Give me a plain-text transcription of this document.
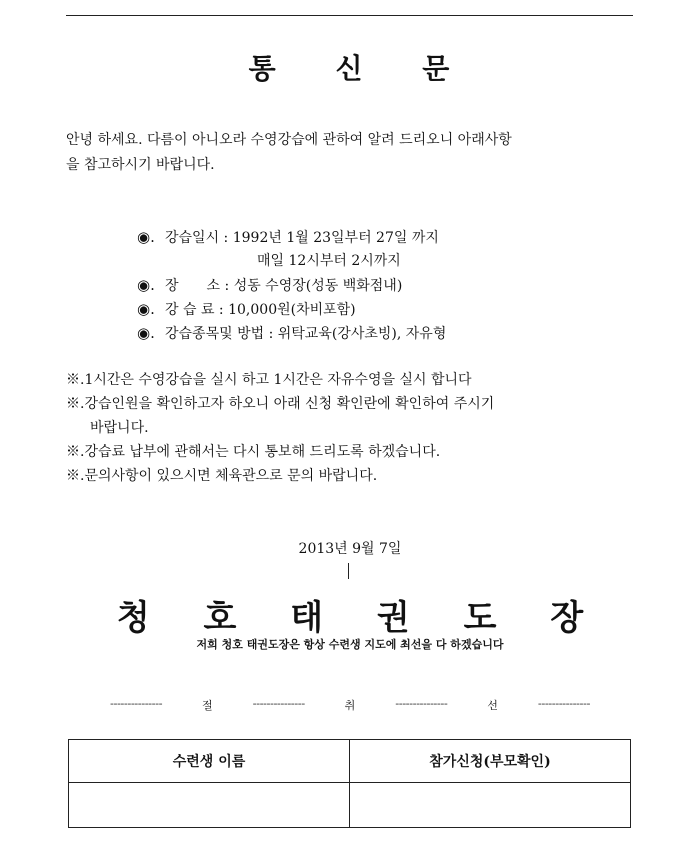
통 신 문
안녕 하세요. 다름이 아니오라 수영강습에 관하여 알려 드리오니 아래사항
을 참고하시기 바랍니다.
◉. 강습일시 : 1992년 1월 23일부터 27일 까지
매일 12시부터 2시까지
◉. 장　　소 : 성동 수영장(성동 백화점내)
◉. 강 습 료 : 10,000원(차비포함)
◉. 강습종목및 방법 : 위탁교육(강사초빙), 자유형
※.1시간은 수영강습을 실시 하고 1시간은 자유수영을 실시 합니다
※.강습인원을 확인하고자 하오니 아래 신청 확인란에 확인하여 주시기
바랍니다.
※.강습료 납부에 관해서는 다시 통보해 드리도록 하겠습니다.
※.문의사항이 있으시면 체육관으로 문의 바랍니다.
2013년 9월 7일
청 호 태 권 도 장
저희 청호 태권도장은 항상 수련생 지도에 최선을 다 하겠습니다
---------------	절	---------------	취	---------------	선	---------------
수련생 이름	참가신청(부모확인)
